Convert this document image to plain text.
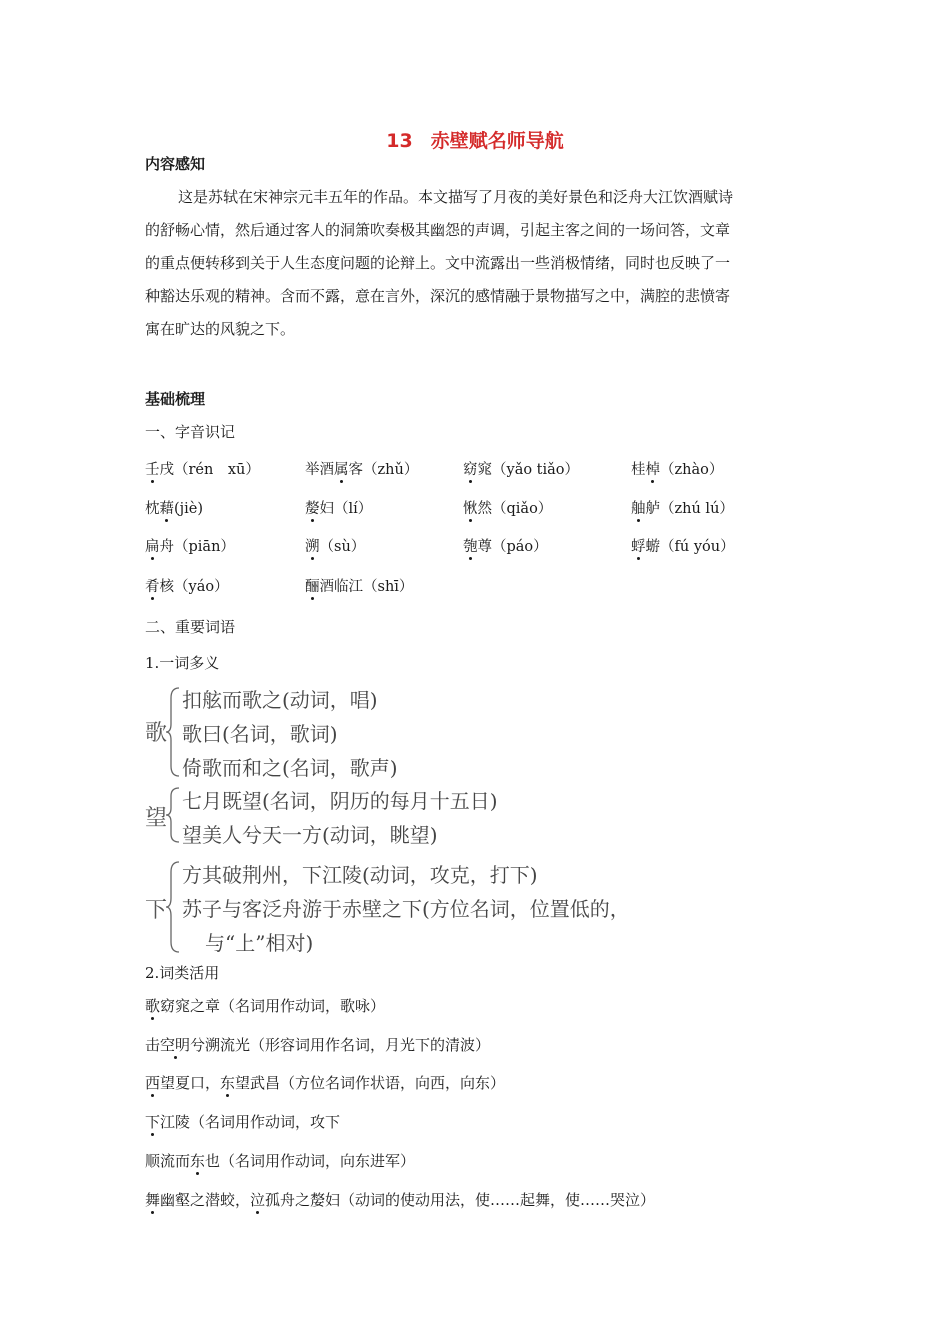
13 赤壁赋名师导航
内容感知
这是苏轼在宋神宗元丰五年的作品。本文描写了月夜的美好景色和泛舟大江饮酒赋诗
的舒畅心情，然后通过客人的洞箫吹奏极其幽怨的声调，引起主客之间的一场问答，文章
的重点便转移到关于人生态度问题的论辩上。文中流露出一些消极情绪，同时也反映了一
种豁达乐观的精神。含而不露，意在言外，深沉的感情融于景物描写之中，满腔的悲愤寄
寓在旷达的风貌之下。
基础梳理
一、字音识记
壬戌（rén　xū）	举酒属客（zhǔ）	窈窕（yǎo tiǎo）	桂棹（zhào）
枕藉(jiè)	嫠妇（lí）	愀然（qiǎo）	舳舻（zhú lú）
扁舟（piān）	溯（sù）	匏尊（páo）	蜉蝣（fú yóu）
肴核（yáo）	酾酒临江（shī）
二、重要词语
1.一词多义
歌
扣舷而歌之(动词，唱)
歌曰(名词，歌词)
倚歌而和之(名词，歌声)
望
七月既望(名词，阴历的每月十五日)
望美人兮天一方(动词，眺望)
下
方其破荆州，下江陵(动词，攻克，打下)
苏子与客泛舟游于赤壁之下(方位名词，位置低的，
与“上”相对)
2.词类活用
歌窈窕之章（名词用作动词，歌咏）
击空明兮溯流光（形容词用作名词，月光下的清波）
西望夏口，东望武昌（方位名词作状语，向西，向东）
下江陵（名词用作动词，攻下
顺流而东也（名词用作动词，向东进军）
舞幽壑之潜蛟，泣孤舟之嫠妇（动词的使动用法，使……起舞，使……哭泣）
